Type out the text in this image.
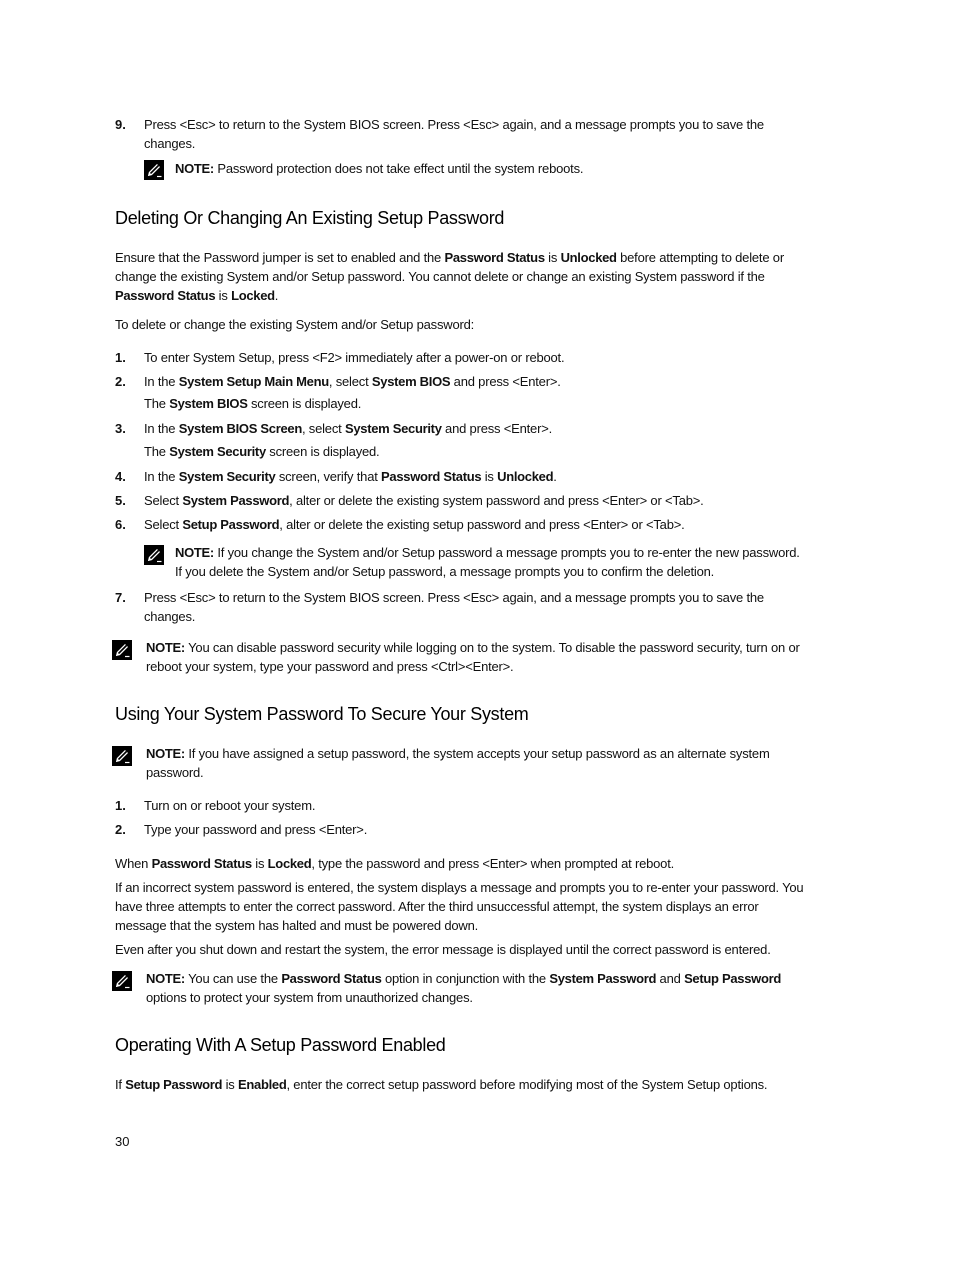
9. Press <Esc> to return to the System BIOS screen. Press <Esc> again, and a message prompts you to save the changes.
NOTE: Password protection does not take effect until the system reboots.
Deleting Or Changing An Existing Setup Password
Ensure that the Password jumper is set to enabled and the Password Status is Unlocked before attempting to delete or change the existing System and/or Setup password. You cannot delete or change an existing System password if the Password Status is Locked.
To delete or change the existing System and/or Setup password:
1. To enter System Setup, press <F2> immediately after a power-on or reboot.
2. In the System Setup Main Menu, select System BIOS and press <Enter>.
The System BIOS screen is displayed.
3. In the System BIOS Screen, select System Security and press <Enter>.
The System Security screen is displayed.
4. In the System Security screen, verify that Password Status is Unlocked.
5. Select System Password, alter or delete the existing system password and press <Enter> or <Tab>.
6. Select Setup Password, alter or delete the existing setup password and press <Enter> or <Tab>.
NOTE: If you change the System and/or Setup password a message prompts you to re-enter the new password. If you delete the System and/or Setup password, a message prompts you to confirm the deletion.
7. Press <Esc> to return to the System BIOS screen. Press <Esc> again, and a message prompts you to save the changes.
NOTE: You can disable password security while logging on to the system. To disable the password security, turn on or reboot your system, type your password and press <Ctrl><Enter>.
Using Your System Password To Secure Your System
NOTE: If you have assigned a setup password, the system accepts your setup password as an alternate system password.
1. Turn on or reboot your system.
2. Type your password and press <Enter>.
When Password Status is Locked, type the password and press <Enter> when prompted at reboot.
If an incorrect system password is entered, the system displays a message and prompts you to re-enter your password. You have three attempts to enter the correct password. After the third unsuccessful attempt, the system displays an error message that the system has halted and must be powered down.
Even after you shut down and restart the system, the error message is displayed until the correct password is entered.
NOTE: You can use the Password Status option in conjunction with the System Password and Setup Password options to protect your system from unauthorized changes.
Operating With A Setup Password Enabled
If Setup Password is Enabled, enter the correct setup password before modifying most of the System Setup options.
30
